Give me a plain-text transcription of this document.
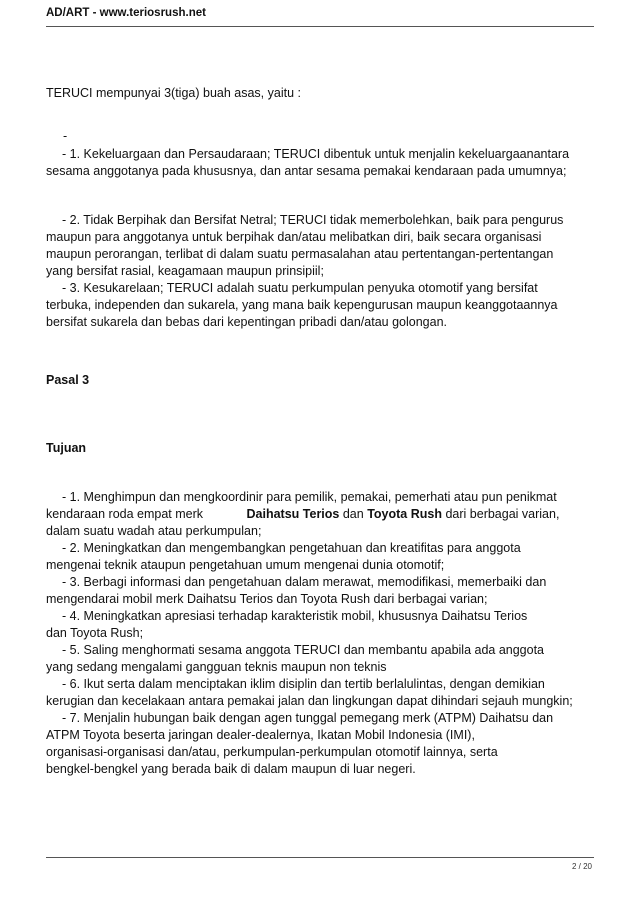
AD/ART - www.teriosrush.net
TERUCI mempunyai 3(tiga) buah asas, yaitu :
-
- 1. Kekeluargaan dan Persaudaraan; TERUCI dibentuk untuk menjalin kekeluargaanantara
sesama anggotanya pada khususnya, dan antar sesama pemakai kendaraan pada umumnya;
- 2. Tidak Berpihak dan Bersifat Netral; TERUCI tidak memerbolehkan, baik para pengurus
maupun para anggotanya untuk berpihak dan/atau melibatkan diri, baik secara organisasi
maupun perorangan, terlibat di dalam suatu permasalahan atau pertentangan-pertentangan
yang bersifat rasial, keagamaan maupun prinsipiil;
- 3. Kesukarelaan; TERUCI adalah suatu perkumpulan penyuka otomotif yang bersifat
terbuka, independen dan sukarela, yang mana baik kepengurusan maupun keanggotaannya
bersifat sukarela dan bebas dari kepentingan pribadi dan/atau golongan.
Pasal 3
Tujuan
- 1. Menghimpun dan mengkoordinir para pemilik, pemakai, pemerhati atau pun penikmat
kendaraan roda empat merk	Daihatsu Terios dan Toyota Rush dari berbagai varian,
dalam suatu wadah atau perkumpulan;
- 2. Meningkatkan dan mengembangkan pengetahuan dan kreatifitas para anggota
mengenai teknik ataupun pengetahuan umum mengenai dunia otomotif;
- 3. Berbagi informasi dan pengetahuan dalam merawat, memodifikasi, memerbaiki dan
mengendarai mobil merk Daihatsu Terios dan Toyota Rush dari berbagai varian;
- 4. Meningkatkan apresiasi terhadap karakteristik mobil, khususnya Daihatsu Terios
dan Toyota Rush;
- 5. Saling menghormati sesama anggota TERUCI dan membantu apabila ada anggota
yang sedang mengalami gangguan teknis maupun non teknis
- 6. Ikut serta dalam menciptakan iklim disiplin dan tertib berlalulintas, dengan demikian
kerugian dan kecelakaan antara pemakai jalan dan lingkungan dapat dihindari sejauh mungkin;
- 7. Menjalin hubungan baik dengan agen tunggal pemegang merk (ATPM) Daihatsu dan
ATPM Toyota beserta jaringan dealer-dealernya, Ikatan Mobil Indonesia (IMI),
organisasi-organisasi dan/atau, perkumpulan-perkumpulan otomotif lainnya, serta
bengkel-bengkel yang berada baik di dalam maupun di luar negeri.
2 / 20
